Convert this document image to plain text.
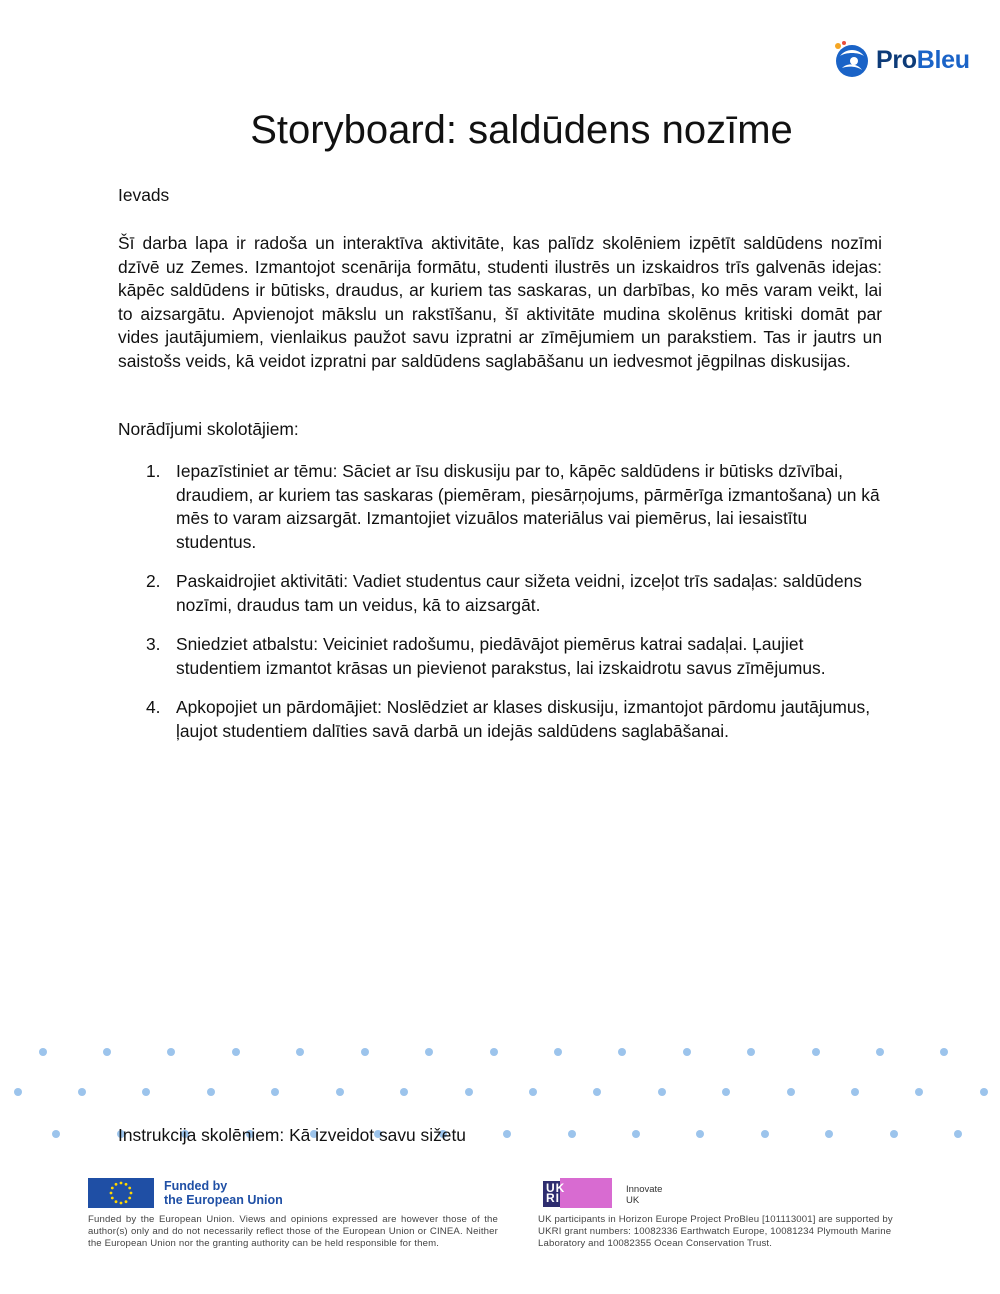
ProBleu
Storyboard: saldūdens nozīme

Ievads

Šī darba lapa ir radoša un interaktīva aktivitāte, kas palīdz skolēniem izpētīt saldūdens nozīmi dzīvē uz Zemes. Izmantojot scenārija formātu, studenti ilustrēs un izskaidros trīs galvenās idejas: kāpēc saldūdens ir būtisks, draudus, ar kuriem tas saskaras, un darbības, ko mēs varam veikt, lai to aizsargātu. Apvienojot mākslu un rakstīšanu, šī aktivitāte mudina skolēnus kritiski domāt par vides jautājumiem, vienlaikus paužot savu izpratni ar zīmējumiem un parakstiem. Tas ir jautrs un saistošs veids, kā veidot izpratni par saldūdens saglabāšanu un iedvesmot jēgpilnas diskusijas.

Norādījumi skolotājiem:

1. Iepazīstiniet ar tēmu: Sāciet ar īsu diskusiju par to, kāpēc saldūdens ir būtisks dzīvībai, draudiem, ar kuriem tas saskaras (piemēram, piesārņojums, pārmērīga izmantošana) un kā mēs to varam aizsargāt. Izmantojiet vizuālos materiālus vai piemērus, lai iesaistītu studentus.
2. Paskaidrojiet aktivitāti: Vadiet studentus caur sižeta veidni, izceļot trīs sadaļas: saldūdens nozīmi, draudus tam un veidus, kā to aizsargāt.
3. Sniedziet atbalstu: Veiciniet radošumu, piedāvājot piemērus katrai sadaļai. Ļaujiet studentiem izmantot krāsas un pievienot parakstus, lai izskaidrotu savus zīmējumus.
4. Apkopojiet un pārdomājiet: Noslēdziet ar klases diskusiju, izmantojot pārdomu jautājumus, ļaujot studentiem dalīties savā darbā un idejās saldūdens saglabāšanai.

Instrukcija skolēniem: Kā izveidot savu sižetu

Funded by
the European Union
Funded by the European Union. Views and opinions expressed are however those of the author(s) only and do not necessarily reflect those of the European Union or CINEA. Neither the European Union nor the granting authority can be held responsible for them.
UK
RI
Innovate
UK
UK participants in Horizon Europe Project ProBleu [101113001] are supported by UKRI grant numbers: 10082336 Earthwatch Europe, 10081234 Plymouth Marine Laboratory and 10082355 Ocean Conservation Trust.
